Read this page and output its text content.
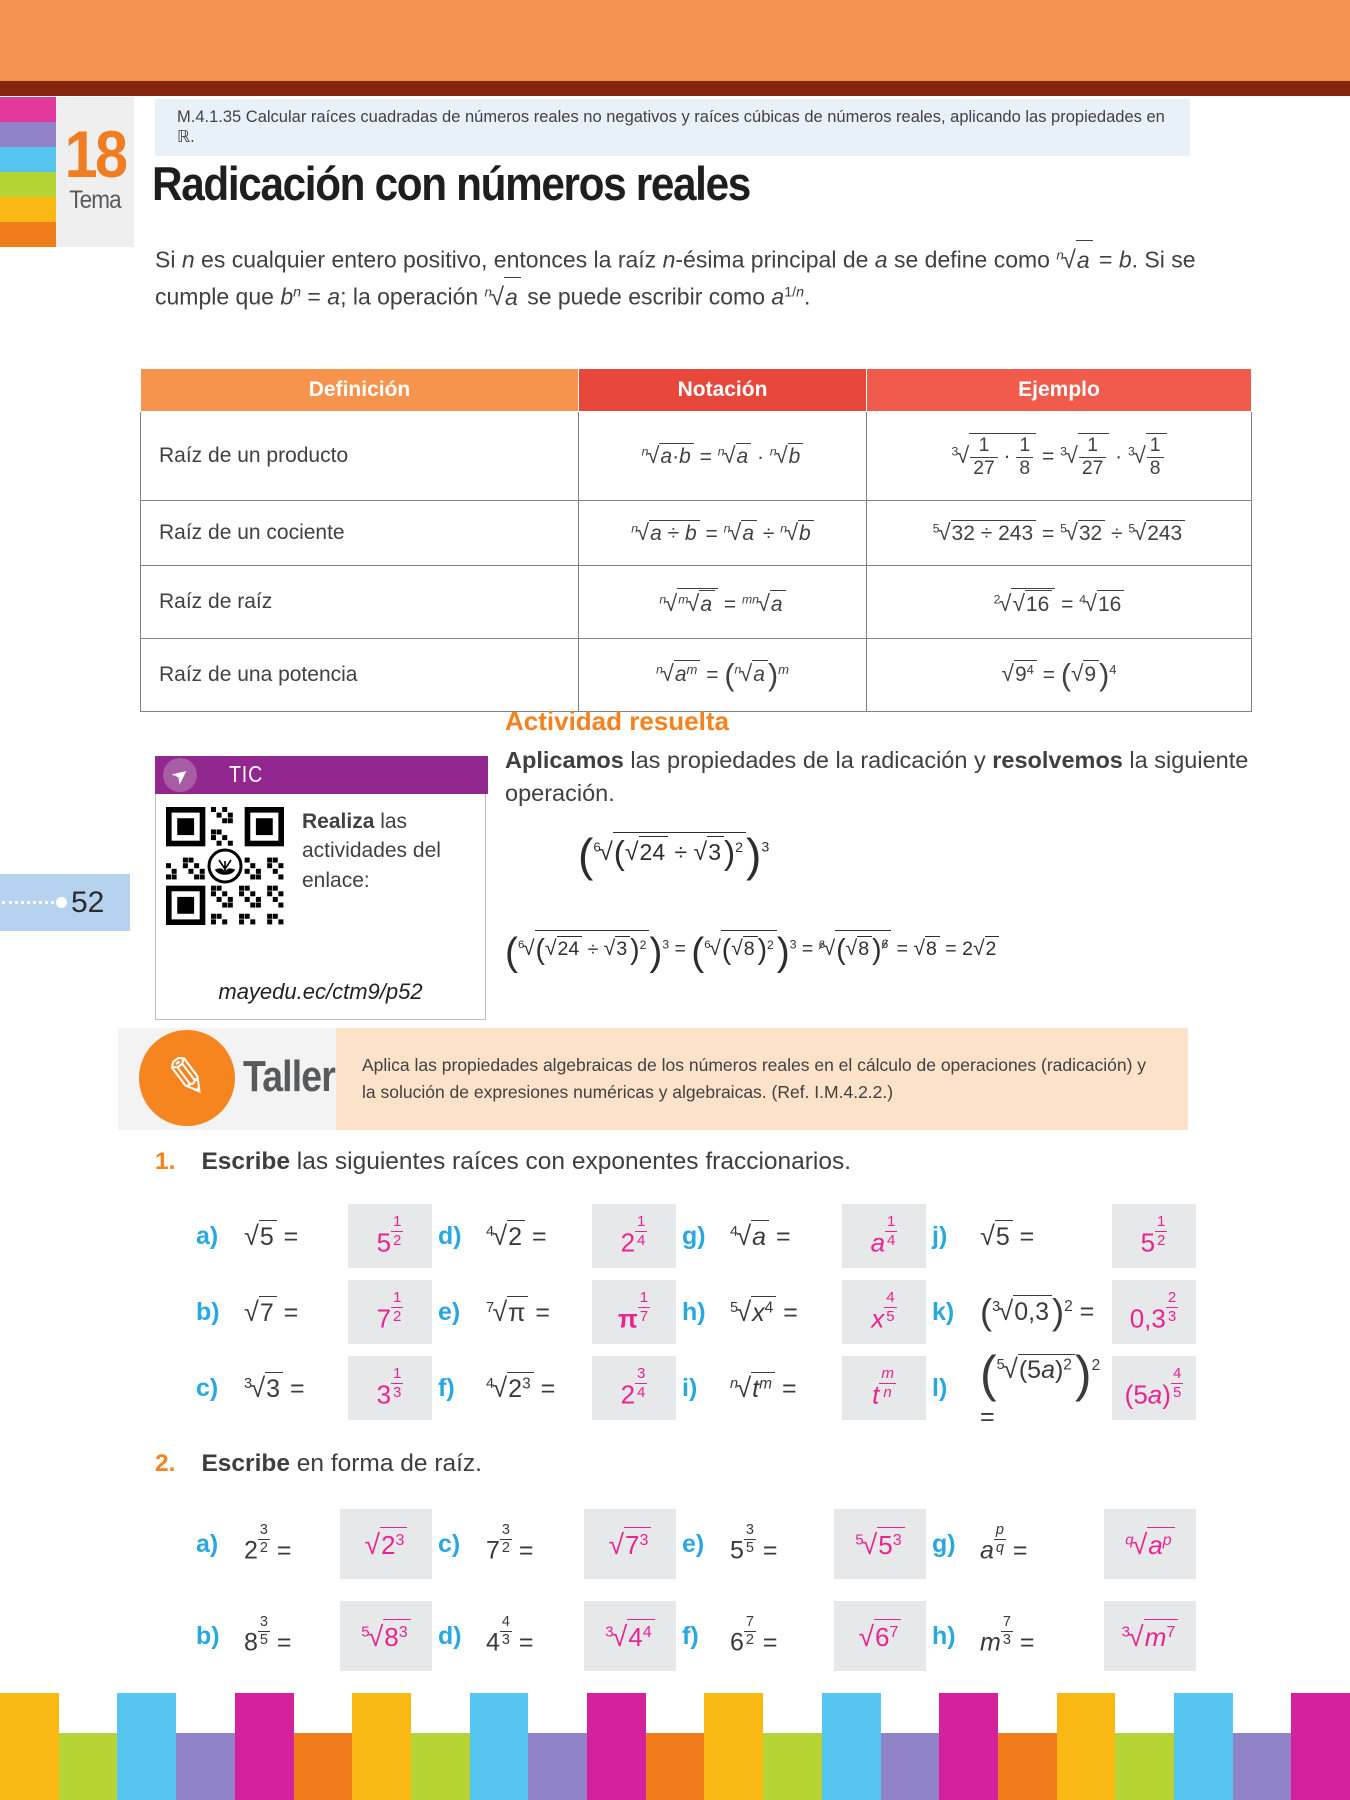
18
Tema
M.4.1.35 Calcular raíces cuadradas de números reales no negativos y raíces cúbicas de números reales, aplicando las propiedades en ℝ.
Radicación con números reales
Si n es cualquier entero positivo, entonces la raíz n-ésima principal de a se define como n√a = b. Si se cumple que $b^n = a$; la operación n√a se puede escribir como $a^{1/n}$.
Definición	Notación	Ejemplo
Raíz de un producto	n√a·b = n√a · n√b	$3√ \frac{1}{27} \cdot \frac{1}{8} = 3√ \frac{1}{27} \cdot 3√ \frac{1}{8}$

Raíz de un cociente	n√a ÷ b = n√a ÷ n√b	5√32 ÷ 243 = 5√32 ÷ 5√243
Raíz de raíz	n√m√a = mn√a	2√√16 = 4√16
Raíz de una potencia	$n√a^m = (n√a)^m$	$√9^4 = (√9)^4$
➤ TIC
Realiza las actividades del enlace:
mayedu.ec/ctm9/p52
52
Actividad resuelta
Aplicamos las propiedades de la radicación y resolvemos la siguiente operación.
$(6√(√24 \div √3)^2)^3$
(6√(√24 ÷ √3 )$^2$)$^3$ = (6√(√8 )$^2$)$^3$ = 6√(√8 )$^6$ = √8 = 2√2
✎ Taller Aplica las propiedades algebraicas de los números reales en el cálculo de operaciones (radicación) y la solución de expresiones numéricas y algebraicas. (Ref. I.M.4.2.2.)
1. Escribe las siguientes raíces con exponentes fraccionarios.
a) √5 =	$5 \frac{1}{2}$
b) √7 =	$7 \frac{1}{2}$
c)	3√3 =	$3 \frac{1}{3}$
d)	4√2 =	$2 \frac{1}{4}$
e)	7√π =	π $\frac{1}{7}$
f)	$4√2^3$ =	$2 \frac{3}{4}$
g)	4√a =	a $\frac{1}{4}$
h)	$5√x^4$ =	x $\frac{4}{5}$
i)	$n√t^m$ =	t $\frac{m}{n}$
j)	√5 =	$5 \frac{1}{2}$
k) $(3√0,3)^2$ =	$0,3 \frac{2}{3}$
l) $(5√(5a)^2)^2$ =
$(5a) \frac{4}{5}$
2. Escribe en forma de raíz.
a)	$2 \frac{3}{2}$ =	$√2^3$
b) $8 \frac{3}{5}$ =	$5√8^3$
c)	$7 \frac{3}{2}$ =	$√7^3$
d) $4 \frac{4}{3}$ =	$3√4^4$
e)	$5 \frac{3}{5}$ =	$5√5^3$
f)	$6 \frac{7}{2}$ =	$√6^7$
g) a $\frac{p}{q}$ =	$q√a^p$
h) m $\frac{7}{3}$ =	$3√m^7$
